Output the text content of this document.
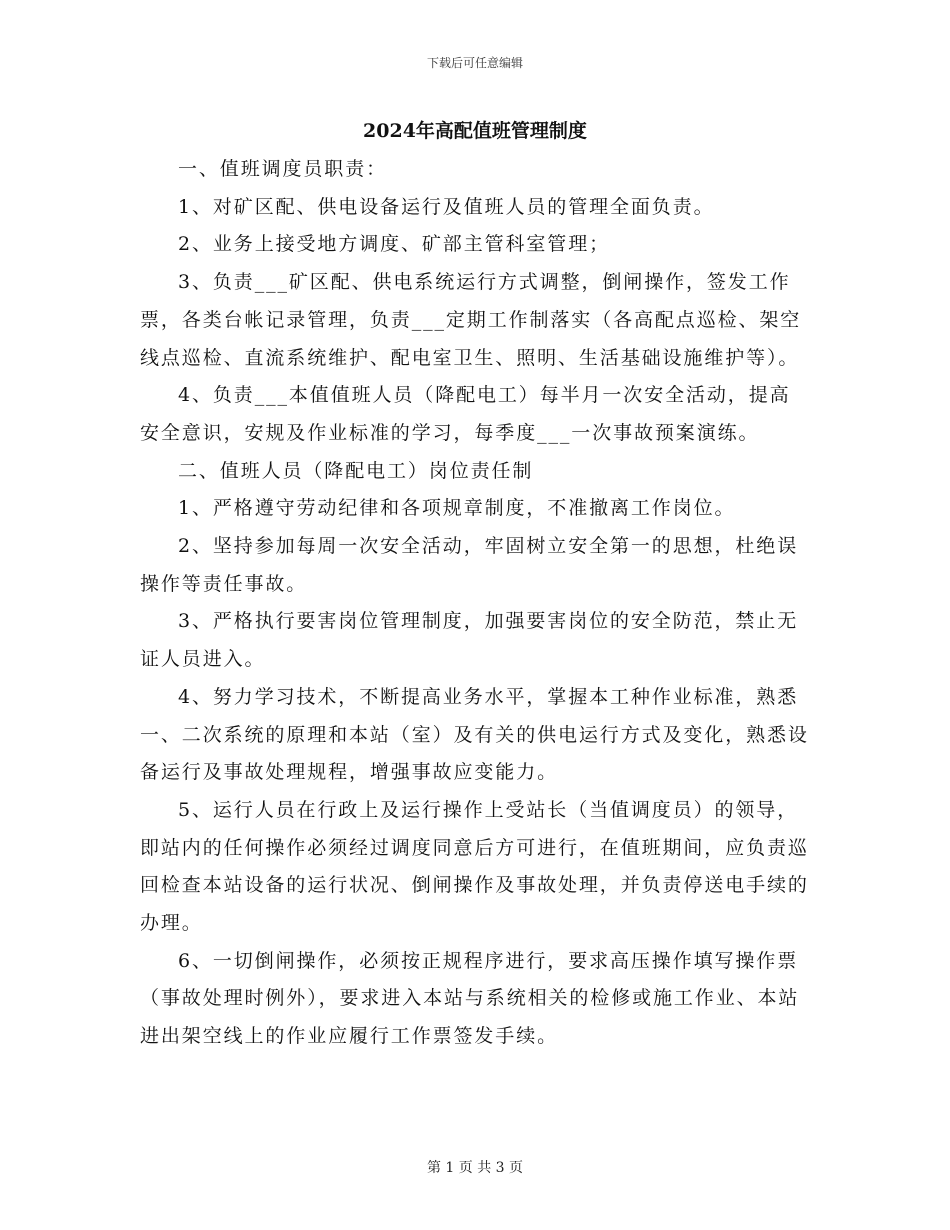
下载后可任意编辑
2024年高配值班管理制度

一、值班调度员职责：

1、对矿区配、供电设备运行及值班人员的管理全面负责。

2、业务上接受地方调度、矿部主管科室管理；

3、负责___矿区配、供电系统运行方式调整，倒闸操作，签发工作票，各类台帐记录管理，负责___定期工作制落实（各高配点巡检、架空线点巡检、直流系统维护、配电室卫生、照明、生活基础设施维护等）。

4、负责___本值值班人员（降配电工）每半月一次安全活动，提高安全意识，安规及作业标准的学习，每季度___一次事故预案演练。

二、值班人员（降配电工）岗位责任制

1、严格遵守劳动纪律和各项规章制度，不准撤离工作岗位。

2、坚持参加每周一次安全活动，牢固树立安全第一的思想，杜绝误操作等责任事故。

3、严格执行要害岗位管理制度，加强要害岗位的安全防范，禁止无证人员进入。

4、努力学习技术，不断提高业务水平，掌握本工种作业标准，熟悉一、二次系统的原理和本站（室）及有关的供电运行方式及变化，熟悉设备运行及事故处理规程，增强事故应变能力。

5、运行人员在行政上及运行操作上受站长（当值调度员）的领导，即站内的任何操作必须经过调度同意后方可进行，在值班期间，应负责巡回检查本站设备的运行状况、倒闸操作及事故处理，并负责停送电手续的办理。

6、一切倒闸操作，必须按正规程序进行，要求高压操作填写操作票（事故处理时例外），要求进入本站与系统相关的检修或施工作业、本站进出架空线上的作业应履行工作票签发手续。

第 1 页 共 3 页
